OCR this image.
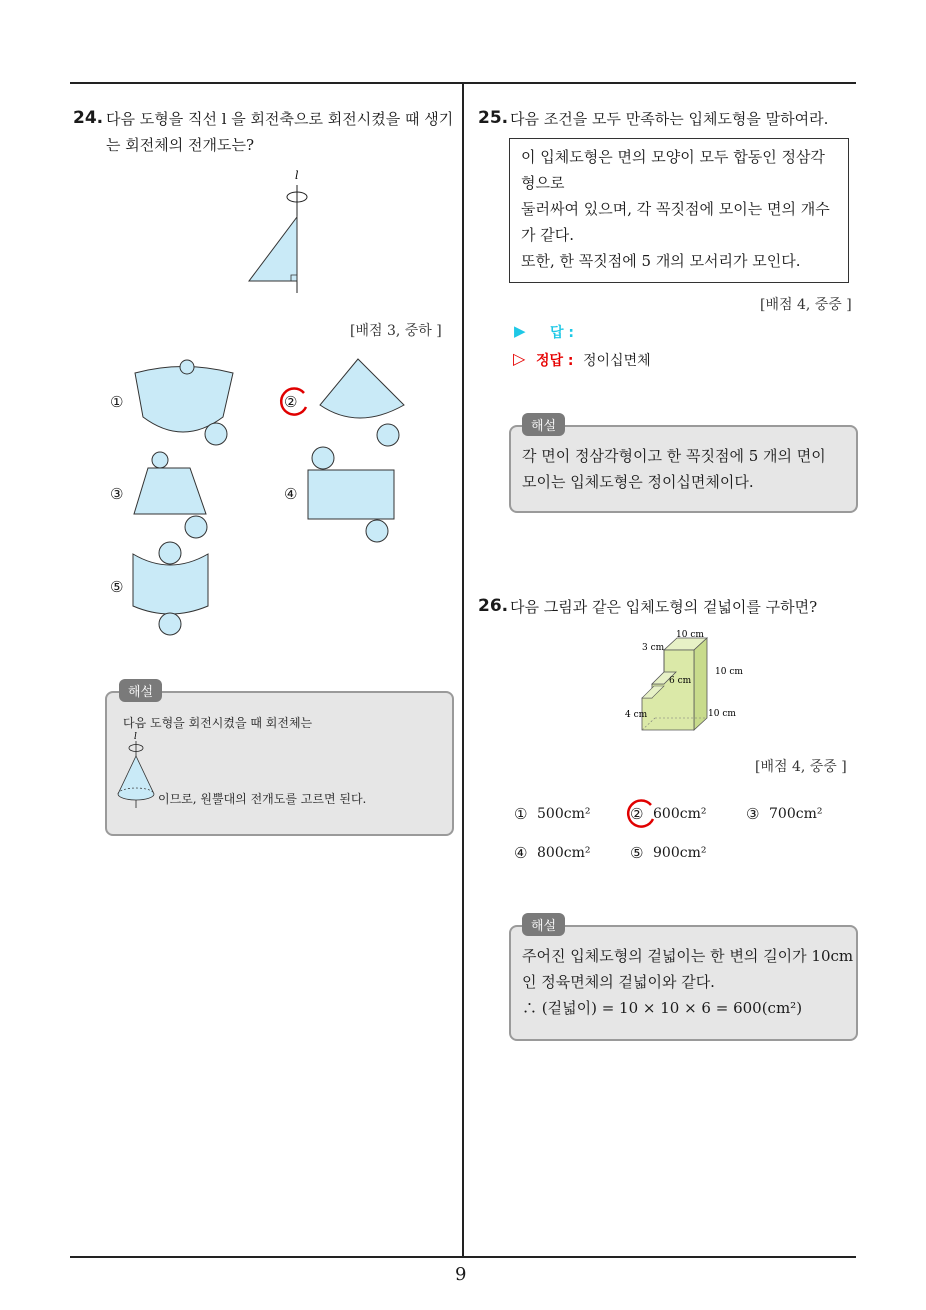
9
24. 다음 도형을 직선 l 을 회전축으로 회전시켰을 때 생기
는 회전체의 전개도는?
l
[배점 3, 중하 ]
①	②
③	④
⑤
해설
다음 도형을 회전시켰을 때 회전체는
l
이므로, 원뿔대의 전개도를 고르면 된다.
25. 다음 조건을 모두 만족하는 입체도형을 말하여라.
이 입체도형은 면의 모양이 모두 합동인 정삼각
형으로
둘러싸여 있으며, 각 꼭짓점에 모이는 면의 개수
가 같다.
또한, 한 꼭짓점에 5 개의 모서리가 모인다.
[배점 4, 중중 ]
▶ 답 :
▷ 정답 : 정이십면체
해설
각 면이 정삼각형이고 한 꼭짓점에 5 개의 면이
모이는 입체도형은 정이십면체이다.
26. 다음 그림과 같은 입체도형의 겉넓이를 구하면?
10 cm
3 cm
10 cm
6 cm
4 cm	10 cm
[배점 4, 중중 ]
① 500cm²	② 600cm²	③ 700cm²
④ 800cm²	⑤ 900cm²
해설
주어진 입체도형의 겉넓이는 한 변의 길이가 10cm
인 정육면체의 겉넓이와 같다.
∴ (겉넓이) = 10 × 10 × 6 = 600(cm²)
